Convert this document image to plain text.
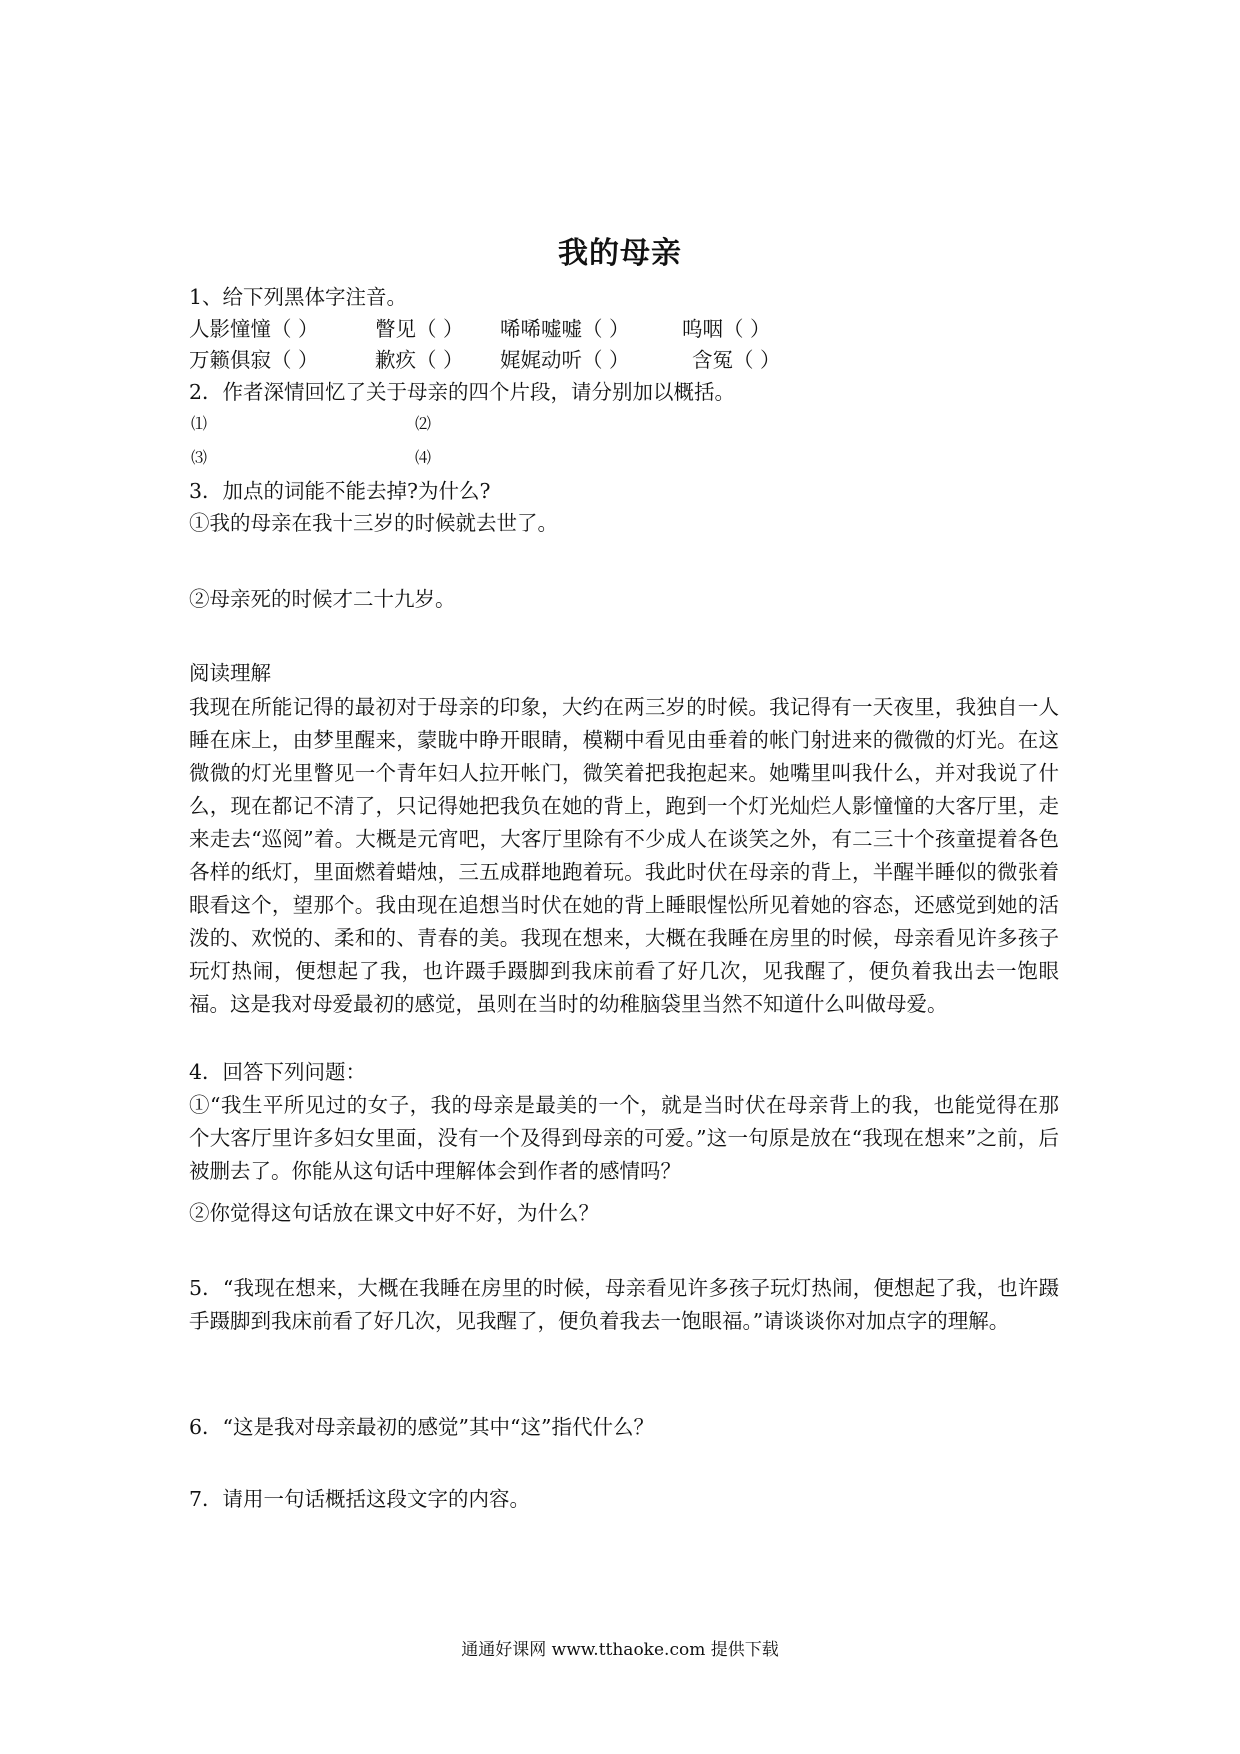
我的母亲
1、给下列黑体字注音。
人影憧憧（ ）	瞥见（ ） 唏唏嘘嘘（ ）	呜咽（ ）
万籁俱寂（ ）	歉疚（ ） 娓娓动听（ ）	含冤（ ）
2．作者深情回忆了关于母亲的四个片段，请分别加以概括。
⑴	⑵
⑶	⑷
3．加点的词能不能去掉?为什么?
①我的母亲在我十三岁的时候就去世了。
②母亲死的时候才二十九岁。
阅读理解
我现在所能记得的最初对于母亲的印象，大约在两三岁的时候。我记得有一天夜里，我独自一人睡在床上，由梦里醒来，蒙眬中睁开眼睛，模糊中看见由垂着的帐门射进来的微微的灯光。在这微微的灯光里瞥见一个青年妇人拉开帐门，微笑着把我抱起来。她嘴里叫我什么，并对我说了什么，现在都记不清了，只记得她把我负在她的背上，跑到一个灯光灿烂人影憧憧的大客厅里，走来走去“巡阅”着。大概是元宵吧，大客厅里除有不少成人在谈笑之外，有二三十个孩童提着各色各样的纸灯，里面燃着蜡烛，三五成群地跑着玩。我此时伏在母亲的背上，半醒半睡似的微张着眼看这个，望那个。我由现在追想当时伏在她的背上睡眼惺忪所见着她的容态，还感觉到她的活泼的、欢悦的、柔和的、青春的美。我现在想来，大概在我睡在房里的时候，母亲看见许多孩子玩灯热闹，便想起了我，也许蹑手蹑脚到我床前看了好几次，见我醒了，便负着我出去一饱眼福。这是我对母爱最初的感觉，虽则在当时的幼稚脑袋里当然不知道什么叫做母爱。
4．回答下列问题：
①“我生平所见过的女子，我的母亲是最美的一个，就是当时伏在母亲背上的我，也能觉得在那个大客厅里许多妇女里面，没有一个及得到母亲的可爱。”这一句原是放在“我现在想来”之前，后被删去了。你能从这句话中理解体会到作者的感情吗？
②你觉得这句话放在课文中好不好，为什么？
5．“我现在想来，大概在我睡在房里的时候，母亲看见许多孩子玩灯热闹，便想起了我，也许蹑手蹑脚到我床前看了好几次，见我醒了，便负着我去一饱眼福。”请谈谈你对加点字的理解。
6．“这是我对母亲最初的感觉”其中“这”指代什么？
7．请用一句话概括这段文字的内容。
通通好课网 www.tthaoke.com 提供下载
